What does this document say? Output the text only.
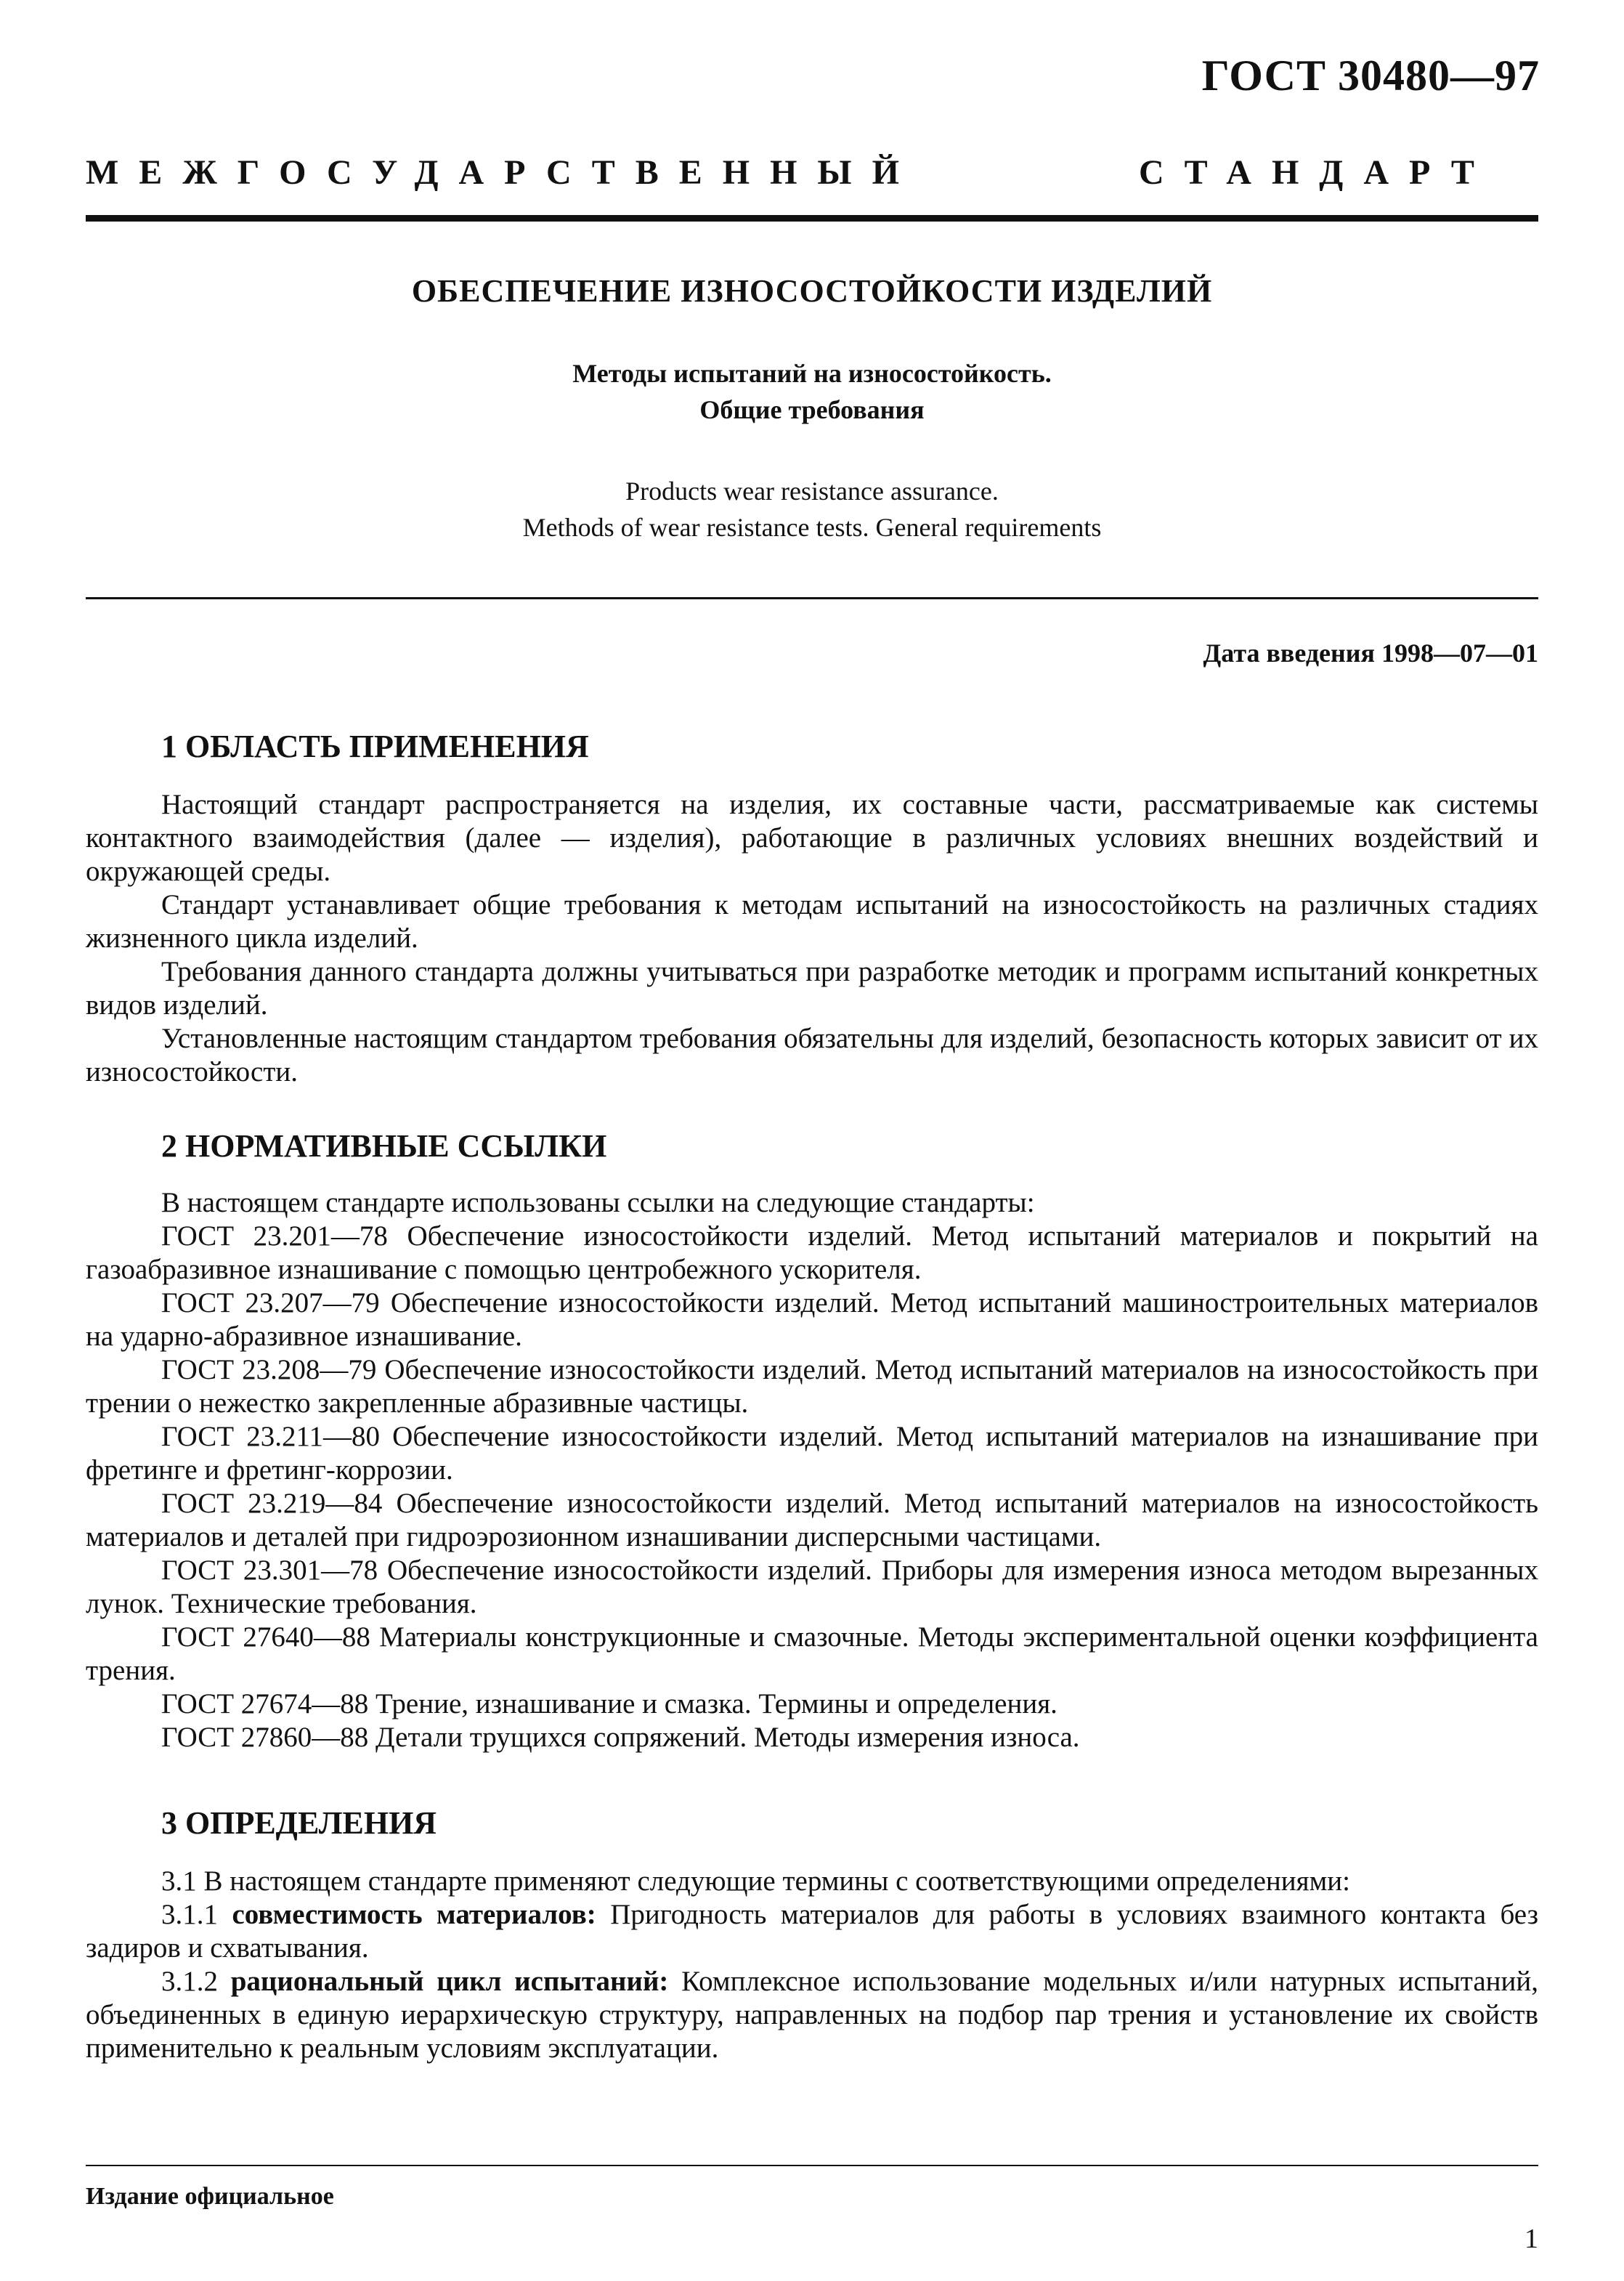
ГОСТ 30480—97
МЕЖГОСУДАРСТВЕННЫЙ	СТАНДАРТ
ОБЕСПЕЧЕНИЕ ИЗНОСОСТОЙКОСТИ ИЗДЕЛИЙ
Методы испытаний на износостойкость.
Общие требования
Products wear resistance assurance.
Methods of wear resistance tests. General requirements
Дата введения 1998—07—01
1 ОБЛАСТЬ ПРИМЕНЕНИЯ

Настоящий стандарт распространяется на изделия, их составные части, рассматриваемые как системы контактного взаимодействия (далее — изделия), работающие в различных условиях внешних воздействий и окружающей среды.

Стандарт устанавливает общие требования к методам испытаний на износостойкость на различных стадиях жизненного цикла изделий.

Требования данного стандарта должны учитываться при разработке методик и программ испытаний конкретных видов изделий.

Установленные настоящим стандартом требования обязательны для изделий, безопасность которых зависит от их износостойкости.

2 НОРМАТИВНЫЕ ССЫЛКИ

В настоящем стандарте использованы ссылки на следующие стандарты:

ГОСТ 23.201—78 Обеспечение износостойкости изделий. Метод испытаний материалов и покрытий на газоабразивное изнашивание с помощью центробежного ускорителя.

ГОСТ 23.207—79 Обеспечение износостойкости изделий. Метод испытаний машиностроительных материалов на ударно-абразивное изнашивание.

ГОСТ 23.208—79 Обеспечение износостойкости изделий. Метод испытаний материалов на износостойкость при трении о нежестко закрепленные абразивные частицы.

ГОСТ 23.211—80 Обеспечение износостойкости изделий. Метод испытаний материалов на изнашивание при фретинге и фретинг-коррозии.

ГОСТ 23.219—84 Обеспечение износостойкости изделий. Метод испытаний материалов на износостойкость материалов и деталей при гидроэрозионном изнашивании дисперсными частицами.

ГОСТ 23.301—78 Обеспечение износостойкости изделий. Приборы для измерения износа методом вырезанных лунок. Технические требования.

ГОСТ 27640—88 Материалы конструкционные и смазочные. Методы экспериментальной оценки коэффициента трения.

ГОСТ 27674—88 Трение, изнашивание и смазка. Термины и определения.

ГОСТ 27860—88 Детали трущихся сопряжений. Методы измерения износа.

3 ОПРЕДЕЛЕНИЯ

3.1 В настоящем стандарте применяют следующие термины с соответствующими определениями:

3.1.1 совместимость материалов: Пригодность материалов для работы в условиях взаимного контакта без задиров и схватывания.

3.1.2 рациональный цикл испытаний: Комплексное использование модельных и/или натурных испытаний, объединенных в единую иерархическую структуру, направленных на подбор пар трения и установление их свойств применительно к реальным условиям эксплуатации.

Издание официальное
1
